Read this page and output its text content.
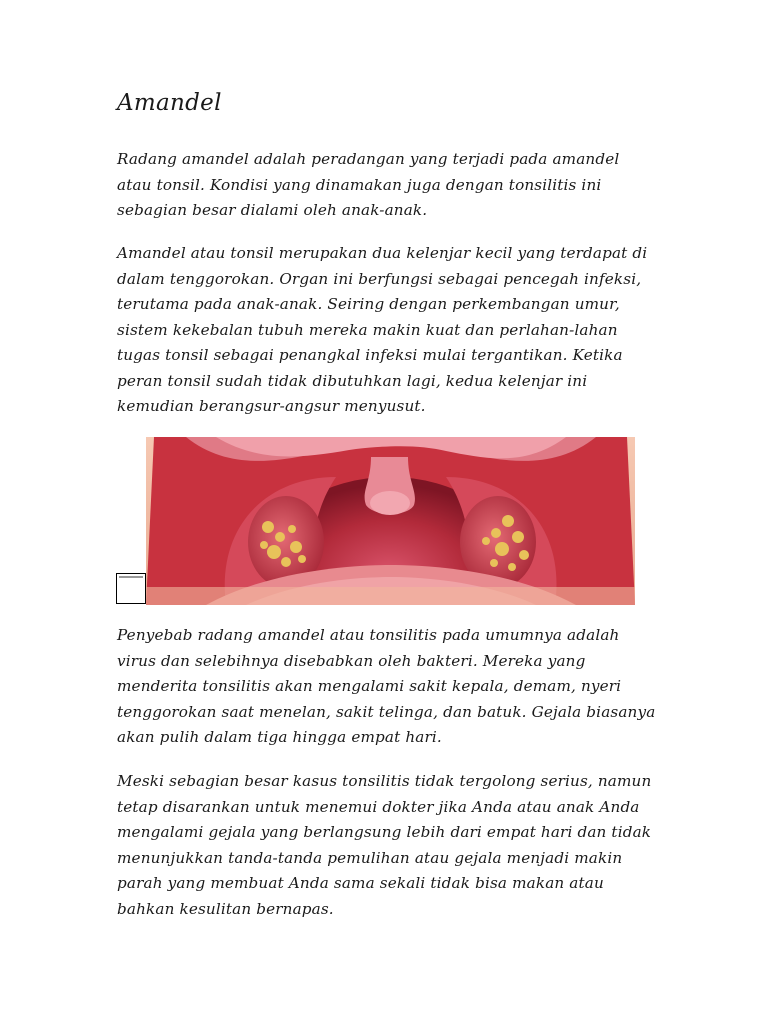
Amandel

Radang amandel adalah peradangan yang terjadi pada amandel atau tonsil. Kondisi yang dinamakan juga dengan tonsilitis ini sebagian besar dialami oleh anak-anak.

Amandel atau tonsil merupakan dua kelenjar kecil yang terdapat di dalam tenggorokan. Organ ini berfungsi sebagai pencegah infeksi, terutama pada anak-anak. Seiring dengan perkembangan umur, sistem kekebalan tubuh mereka makin kuat dan perlahan-lahan tugas tonsil sebagai penangkal infeksi mulai tergantikan. Ketika peran tonsil sudah tidak dibutuhkan lagi, kedua kelenjar ini kemudian berangsur-angsur menyusut.

Penyebab radang amandel atau tonsilitis pada umumnya adalah virus dan selebihnya disebabkan oleh bakteri. Mereka yang menderita tonsilitis akan mengalami sakit kepala, demam, nyeri tenggorokan saat menelan, sakit telinga, dan batuk. Gejala biasanya akan pulih dalam tiga hingga empat hari.

Meski sebagian besar kasus tonsilitis tidak tergolong serius, namun tetap disarankan untuk menemui dokter jika Anda atau anak Anda mengalami gejala yang berlangsung lebih dari empat hari dan tidak menunjukkan tanda-tanda pemulihan atau gejala menjadi makin parah yang membuat Anda sama sekali tidak bisa makan atau bahkan kesulitan bernapas.
